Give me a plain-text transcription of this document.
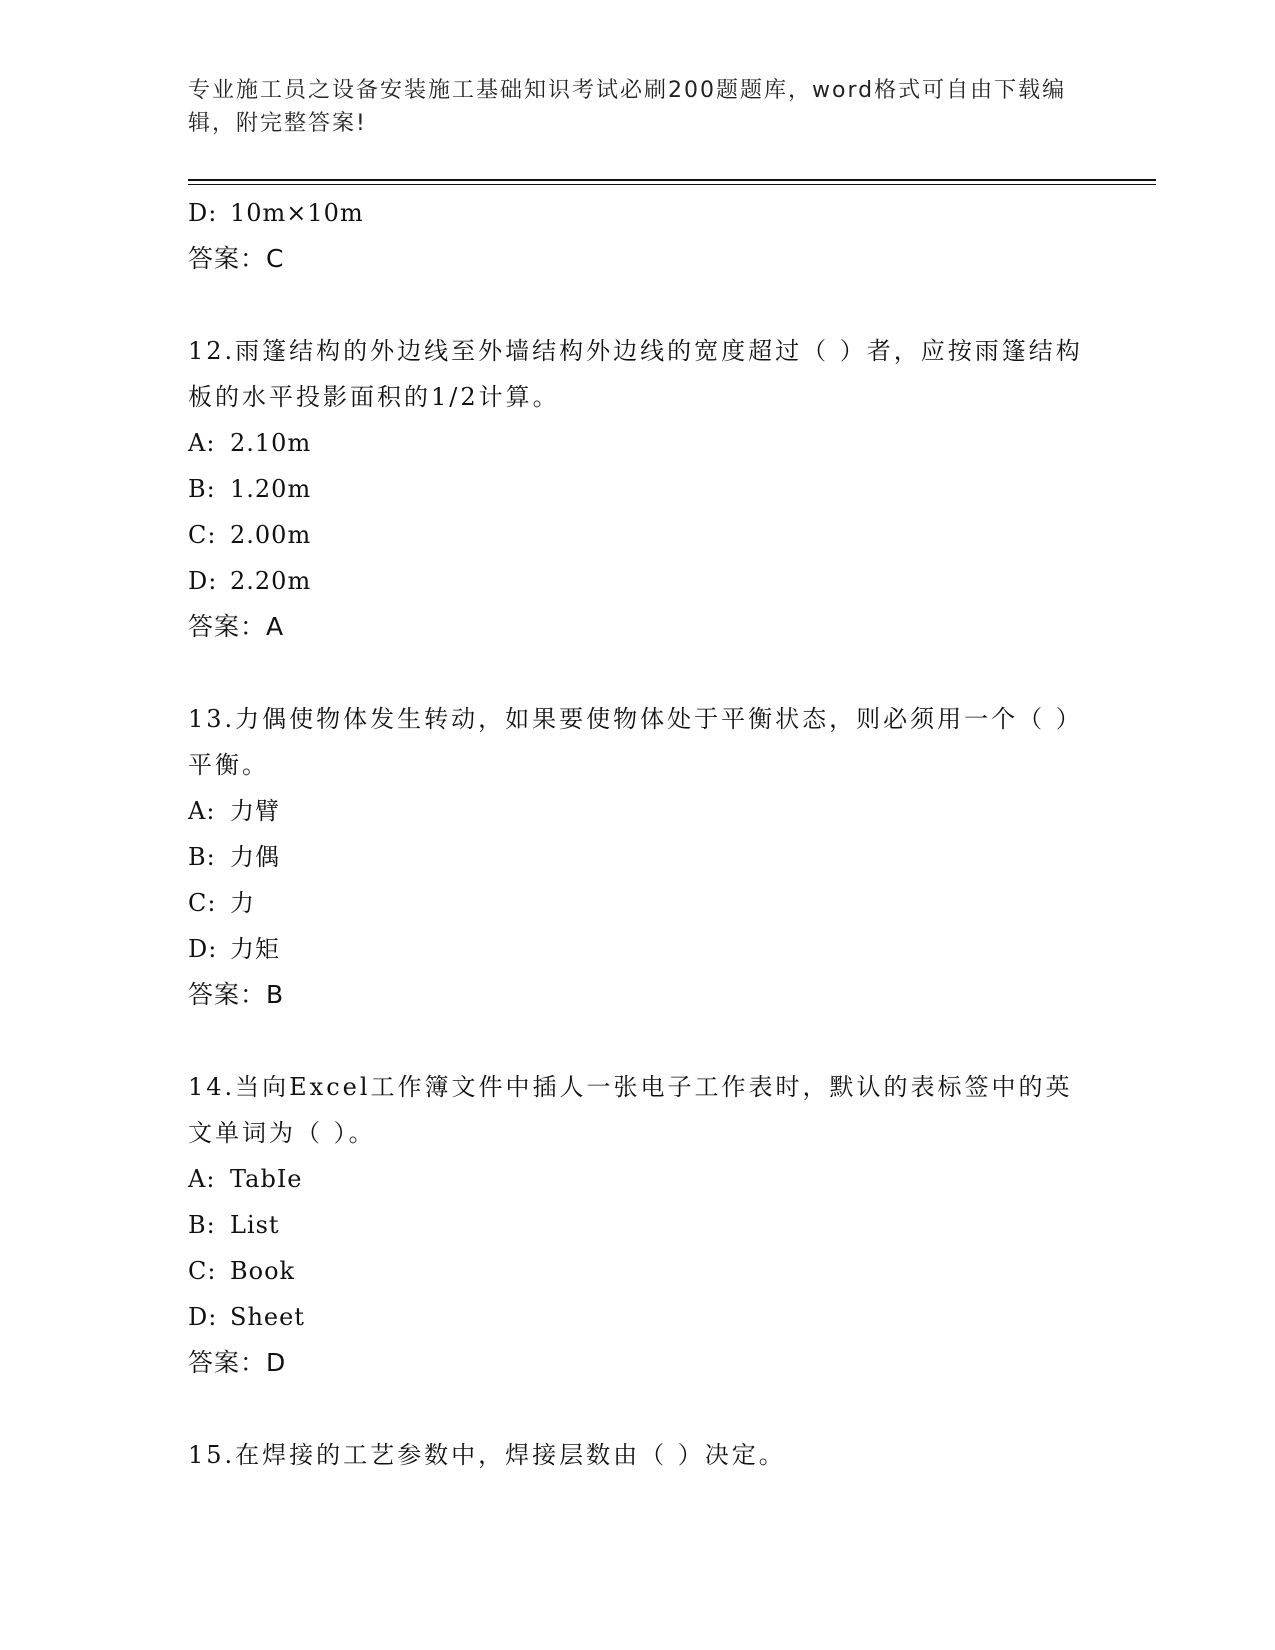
专业施工员之设备安装施工基础知识考试必刷200题题库，word格式可自由下载编辑，附完整答案!
D: 10m×10m
答案：C
12.雨篷结构的外边线至外墙结构外边线的宽度超过（ ）者，应按雨篷结构板的水平投影面积的1/2计算。
A: 2.10m
B: 1.20m
C: 2.00m
D: 2.20m
答案：A
13.力偶使物体发生转动，如果要使物体处于平衡状态，则必须用一个（ ）平衡。
A: 力臂
B: 力偶
C: 力
D: 力矩
答案：B
14.当向Excel工作簿文件中插人一张电子工作表时，默认的表标签中的英文单词为（ ）。
A: TabIe
B: List
C: Book
D: Sheet
答案：D
15.在焊接的工艺参数中，焊接层数由（ ）决定。
